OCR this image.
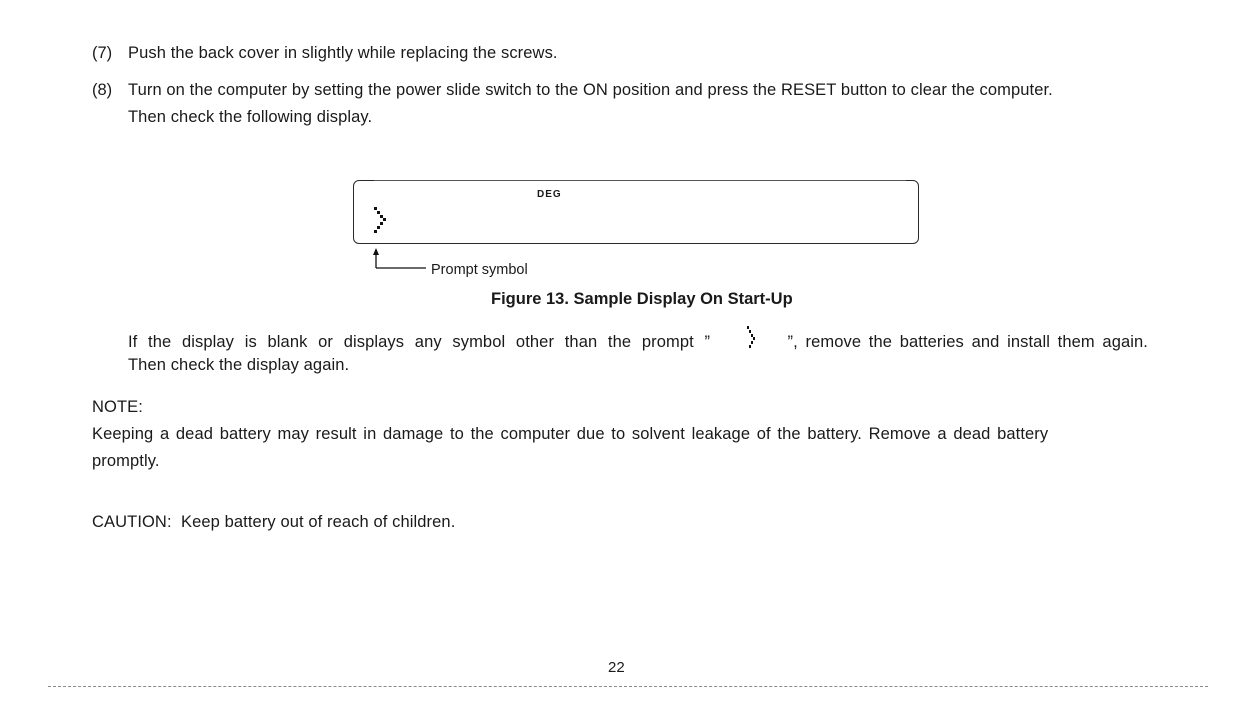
(7) Push the back cover in slightly while replacing the screws.
(8) Turn on the computer by setting the power slide switch to the ON position and press the RESET button to clear the computer.
Then check the following display.
DEG
Prompt symbol
Figure 13. Sample Display On Start-Up
If the display is blank or displays any symbol other than the prompt ”	”, remove the batteries and install them again.
Then check the display again.
NOTE:
Keeping a dead battery may result in damage to the computer due to solvent leakage of the battery. Remove a dead battery
promptly.
CAUTION:  Keep battery out of reach of children.
22
